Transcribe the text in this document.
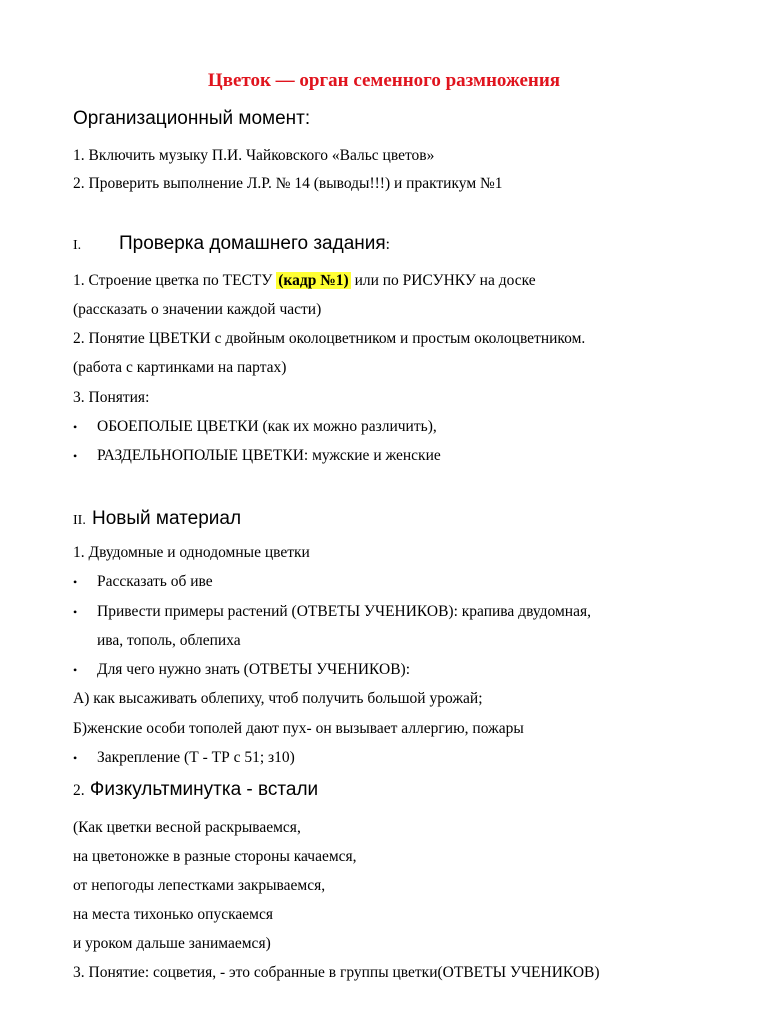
Цветок — орган семенного размножения
Организационный момент:
1. Включить музыку П.И. Чайковского «Вальс цветов»
2. Проверить выполнение Л.Р. № 14 (выводы!!!) и практикум №1
I. Проверка домашнего задания:
1. Строение цветка по ТЕСТУ (кадр №1) или по РИСУНКУ на доске
(рассказать о значении каждой части)
2. Понятие ЦВЕТКИ с двойным околоцветником и простым околоцветником.
(работа с картинками на партах)
3. Понятия:
• ОБОЕПОЛЫЕ ЦВЕТКИ (как их можно различить),
• РАЗДЕЛЬНОПОЛЫЕ ЦВЕТКИ: мужские и женские
II. Новый материал
1. Двудомные и однодомные цветки
• Рассказать об иве
• Привести примеры растений (ОТВЕТЫ УЧЕНИКОВ): крапива двудомная,
ива, тополь, облепиха
• Для чего нужно знать (ОТВЕТЫ УЧЕНИКОВ):
А) как высаживать облепиху, чтоб получить большой урожай;
Б)женские особи тополей дают пух- он вызывает аллергию, пожары
• Закрепление (Т - ТР с 51; з10)
2. Физкультминутка - встали
(Как цветки весной раскрываемся,
на цветоножке в разные стороны качаемся,
от непогоды лепестками закрываемся,
на места тихонько опускаемся
и уроком дальше занимаемся)
3. Понятие: соцветия, - это собранные в группы цветки(ОТВЕТЫ УЧЕНИКОВ)
